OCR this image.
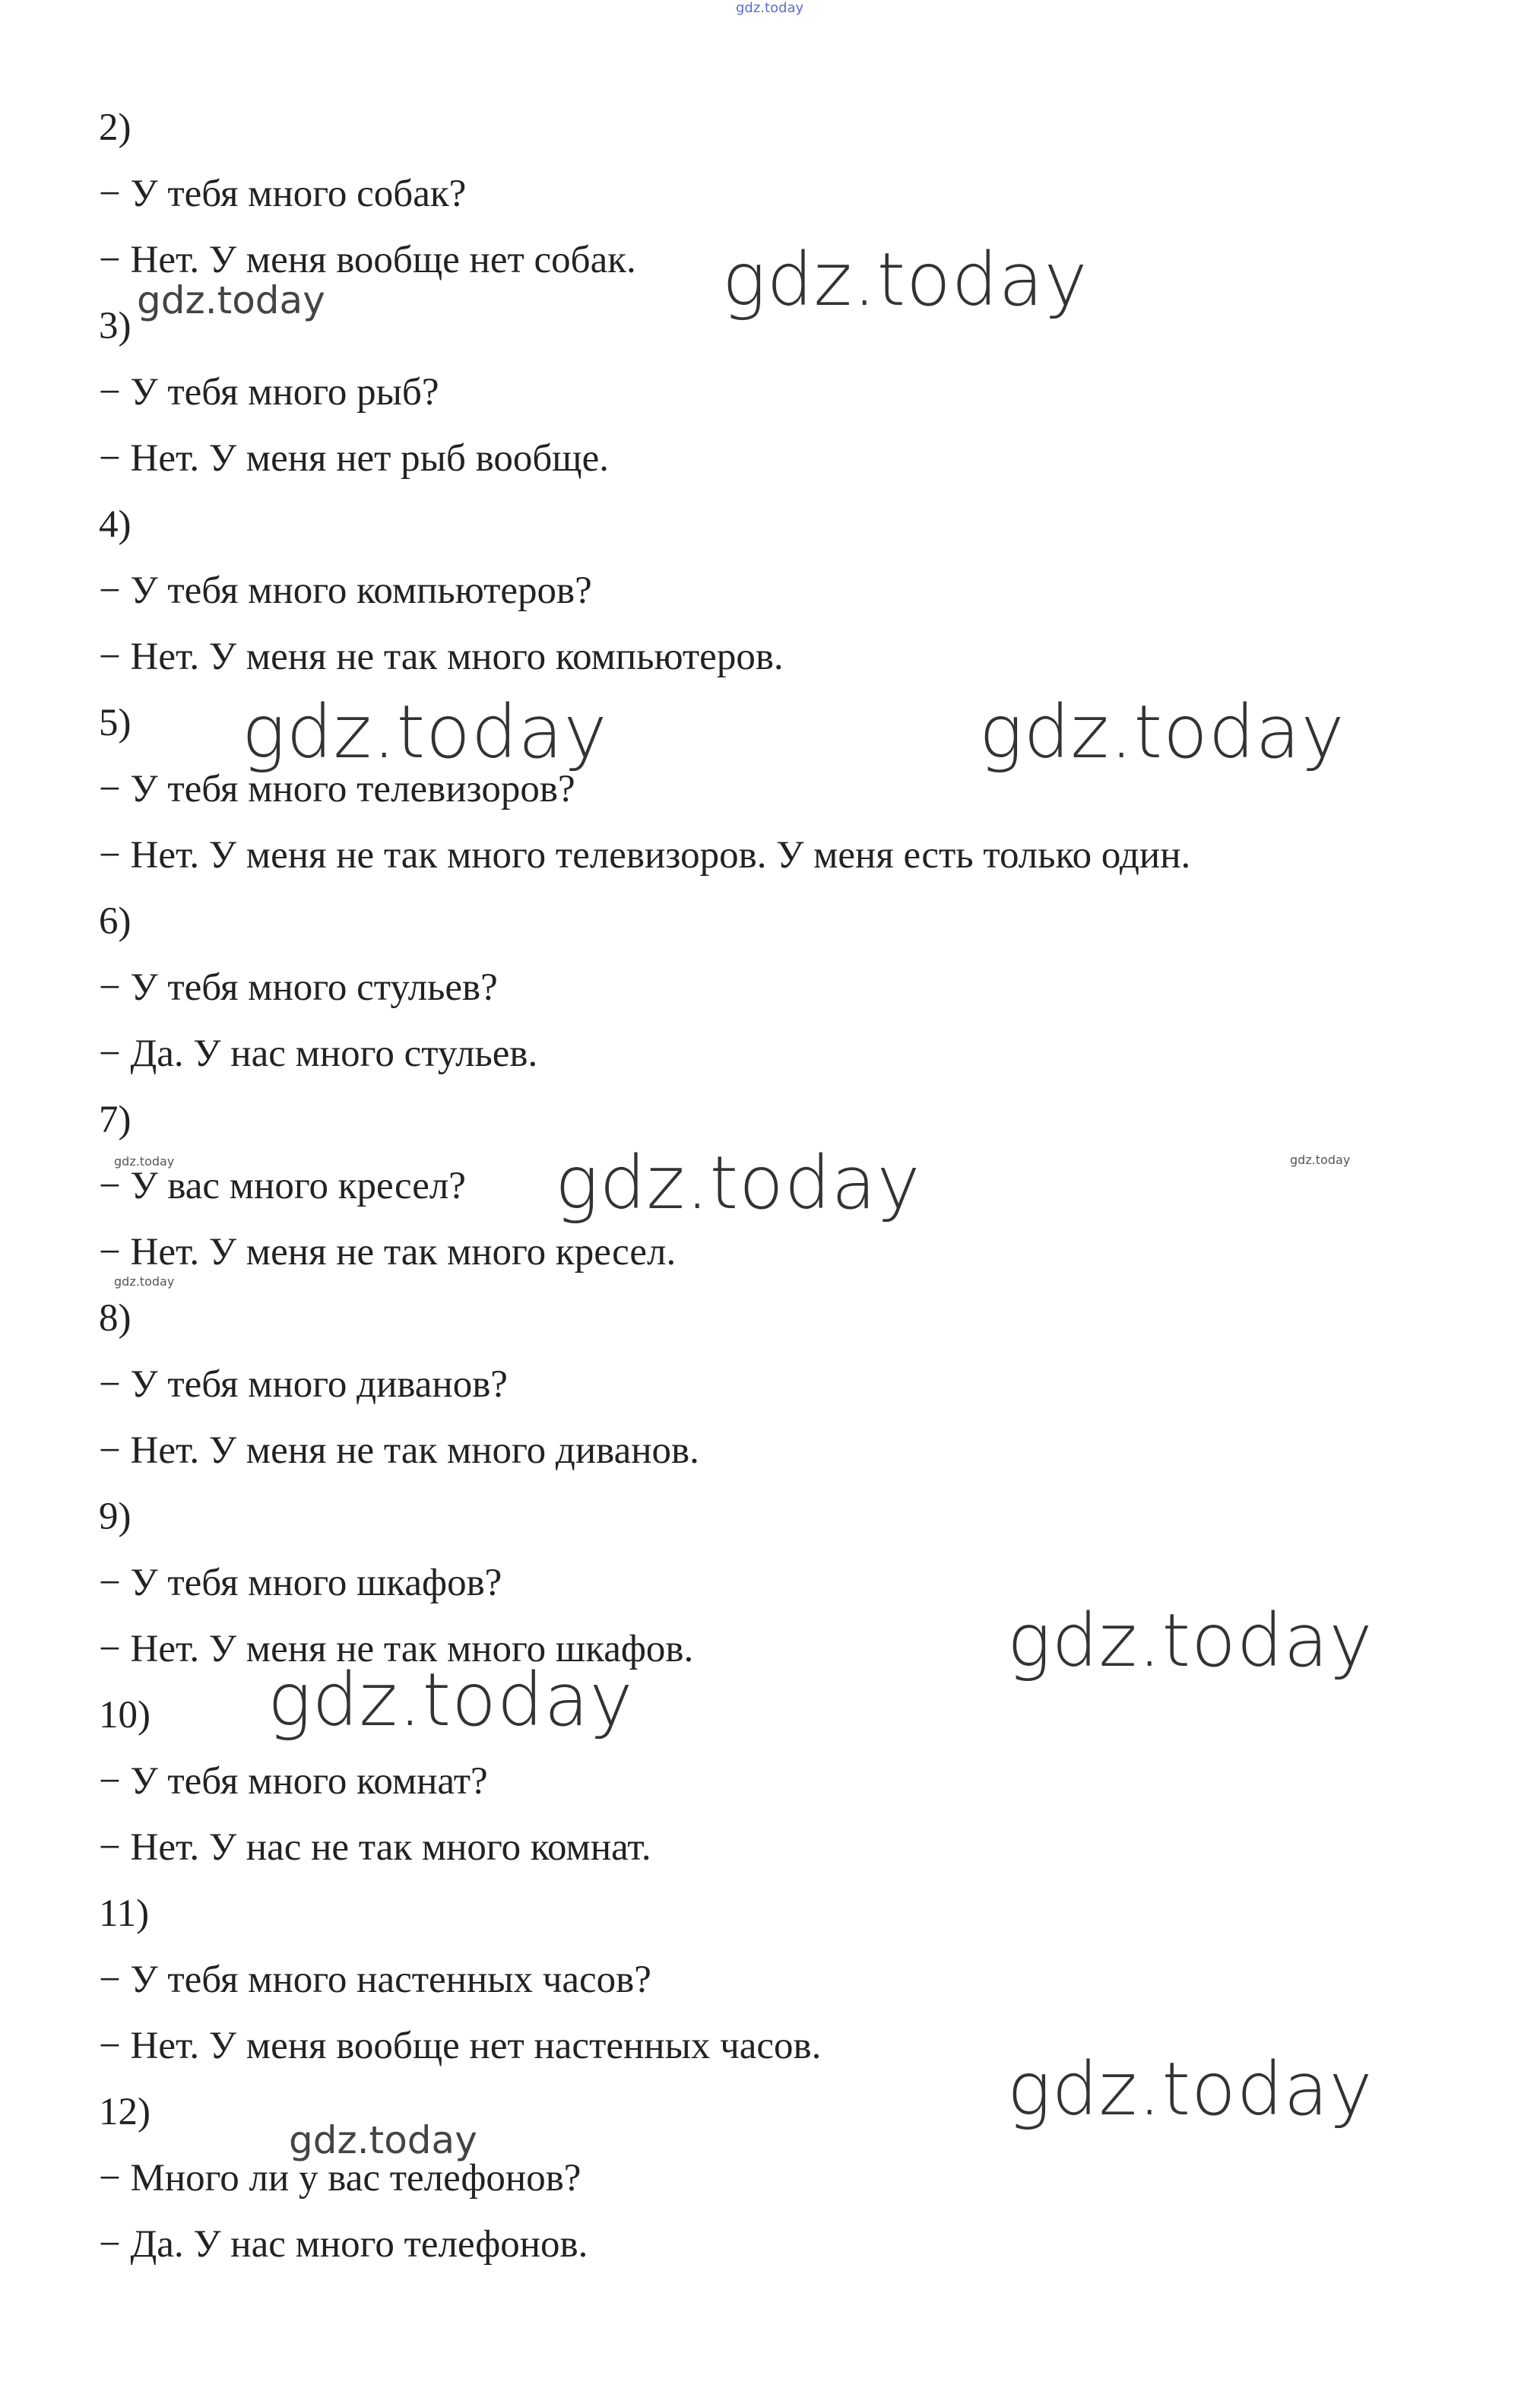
2)
− У тебя много собак?
− Нет. У меня вообще нет собак.
3)
− У тебя много рыб?
− Нет. У меня нет рыб вообще.
4)
− У тебя много компьютеров?
− Нет. У меня не так много компьютеров.
5)
− У тебя много телевизоров?
− Нет. У меня не так много телевизоров. У меня есть только один.
6)
− У тебя много стульев?
− Да. У нас много стульев.
7)
− У вас много кресел?
− Нет. У меня не так много кресел.
8)
− У тебя много диванов?
− Нет. У меня не так много диванов.
9)
− У тебя много шкафов?
− Нет. У меня не так много шкафов.
10)
− У тебя много комнат?
− Нет. У нас не так много комнат.
11)
− У тебя много настенных часов?
− Нет. У меня вообще нет настенных часов.
12)
− Много ли у вас телефонов?
− Да. У нас много телефонов.
gdz.today
gdz.today
gdz.today
gdz.today	gdz.today
gdz.today	gdz.today
gdz.today
gdz.today
gdz.today
gdz.today
gdz.today
gdz.today
